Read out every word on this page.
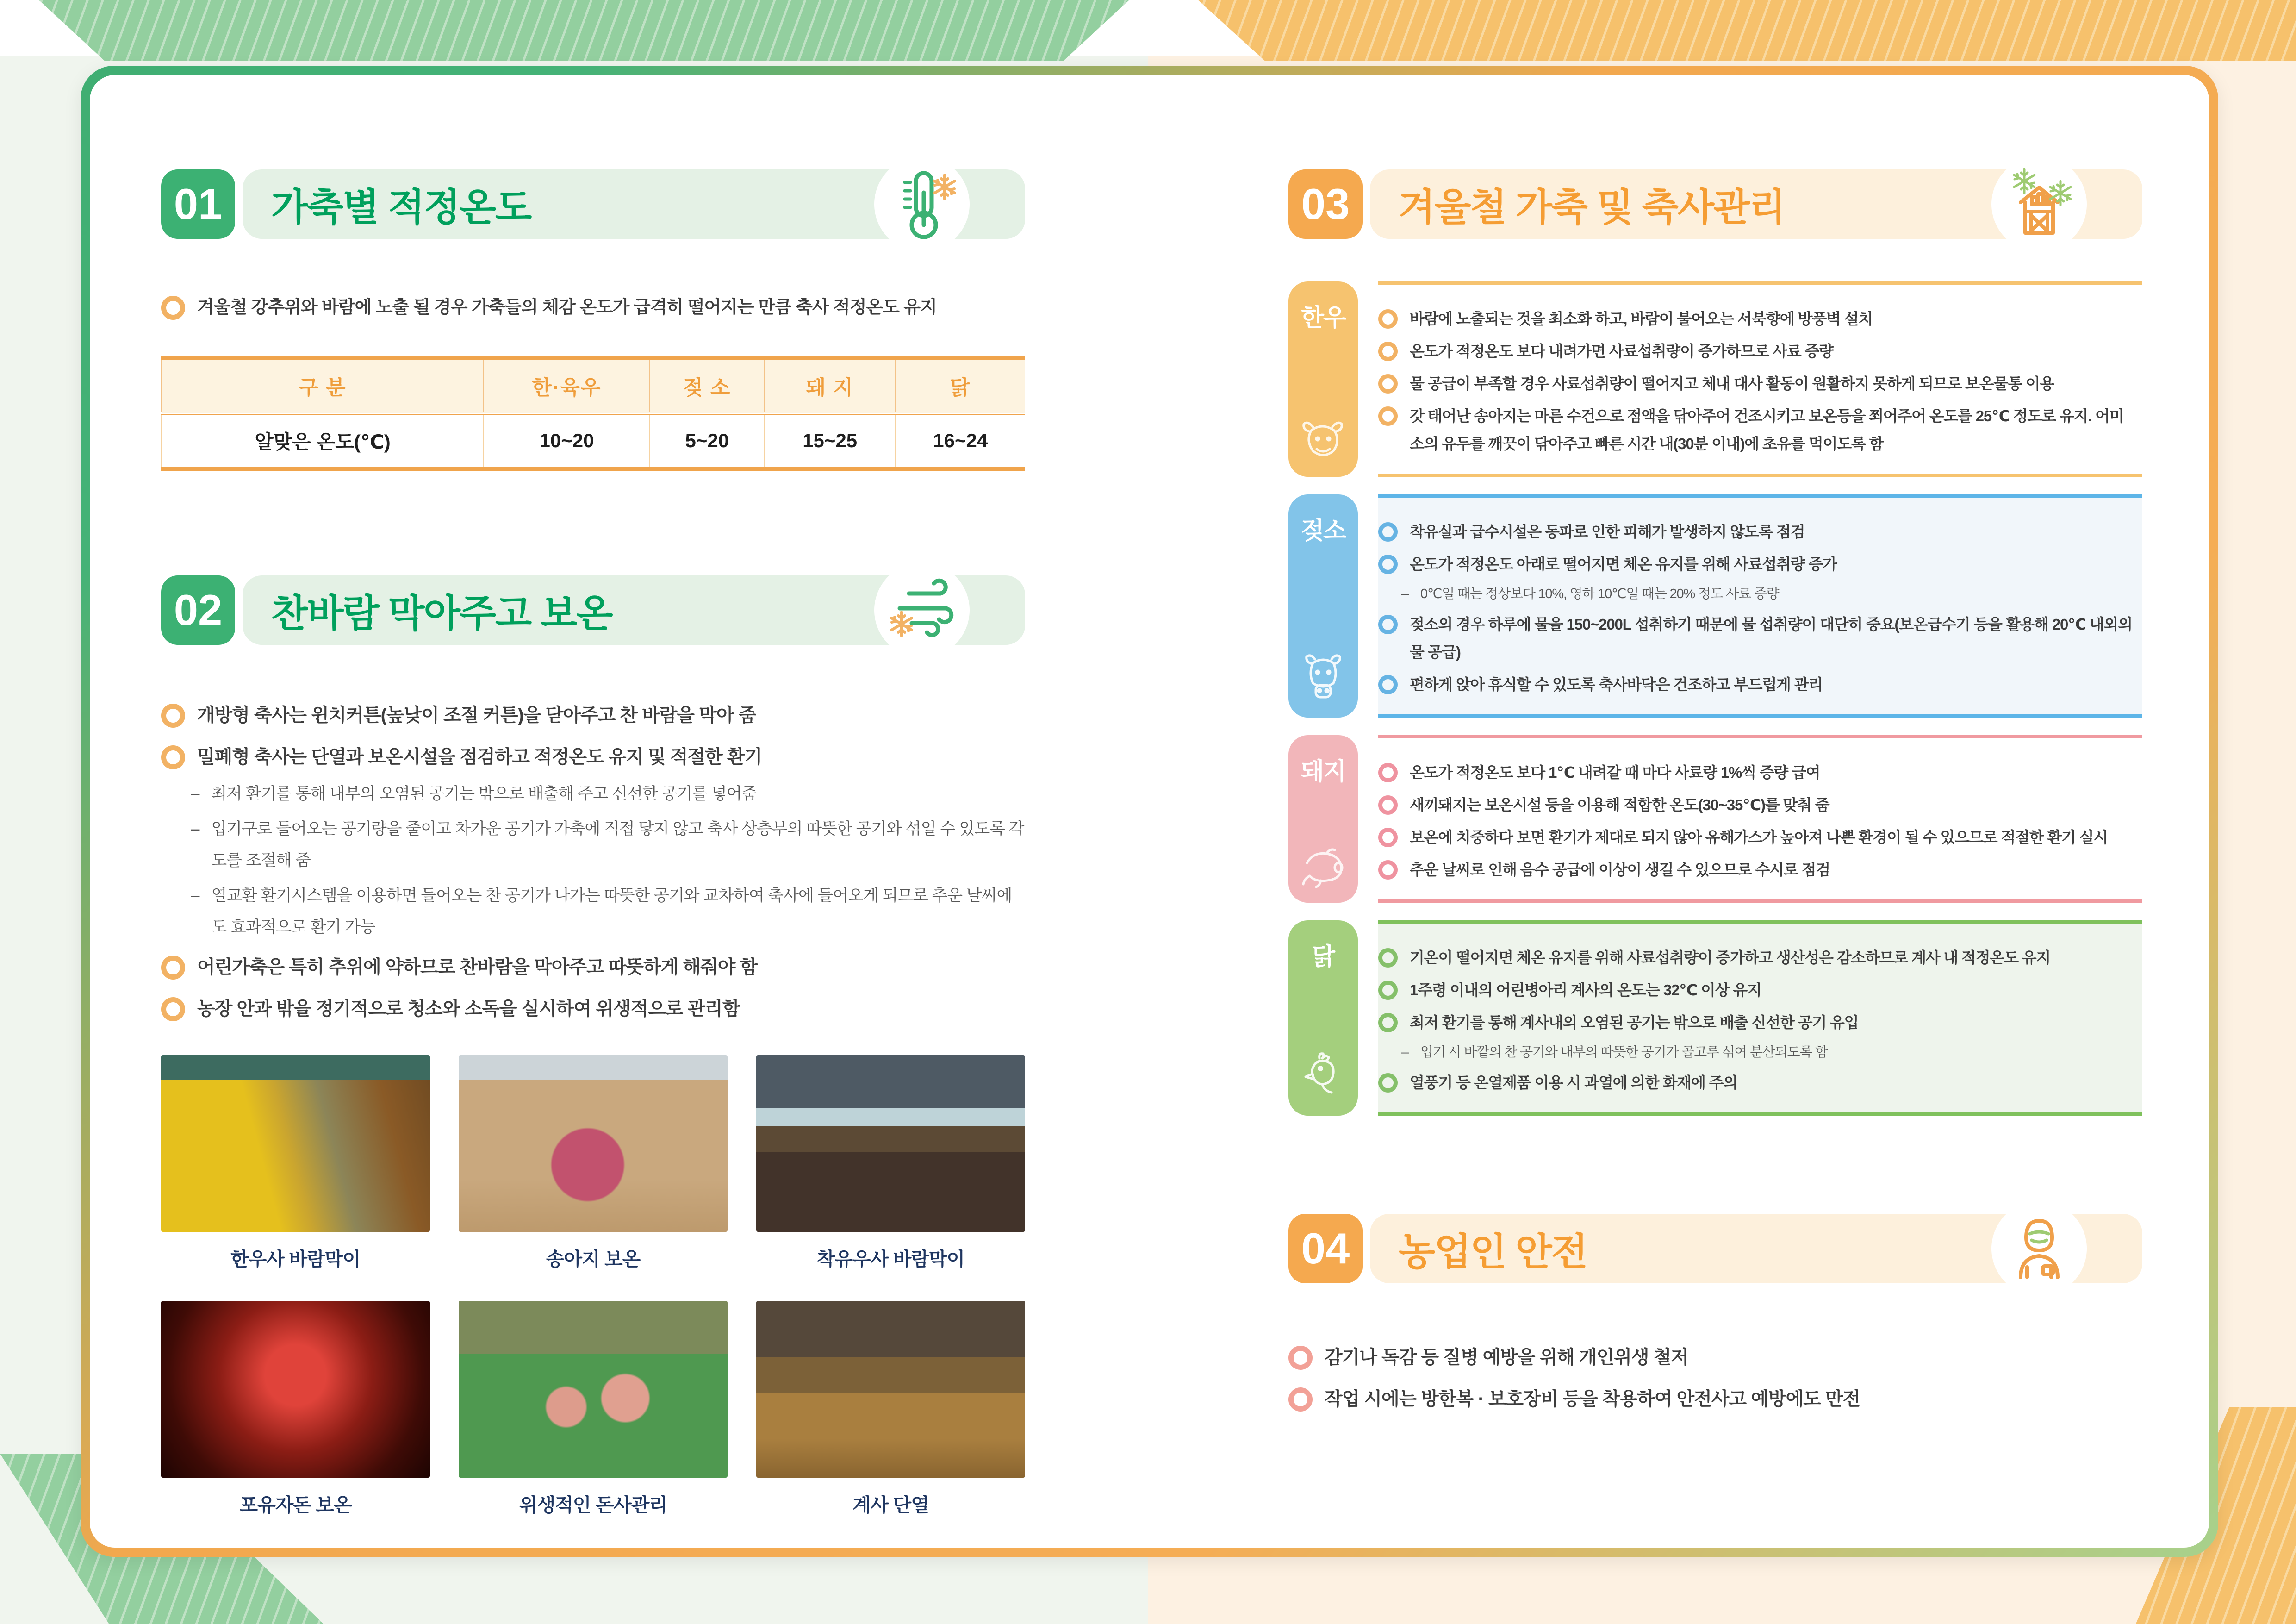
01	가축별 적정온도
겨울철 강추위와 바람에 노출 될 경우 가축들의 체감 온도가 급격히 떨어지는 만큼 축사 적정온도 유지
구 분	한·육우	젖 소	돼 지	닭
알맞은 온도(℃)	10~20	5~20	15~25	16~24
02	찬바람 막아주고 보온
개방형 축사는 윈치커튼(높낮이 조절 커튼)을 닫아주고 찬 바람을 막아 줌
밀폐형 축사는 단열과 보온시설을 점검하고 적정온도 유지 및 적절한 환기
– 최저 환기를 통해 내부의 오염된 공기는 밖으로 배출해 주고 신선한 공기를 넣어줌
– 입기구로 들어오는 공기량을 줄이고 차가운 공기가 가축에 직접 닿지 않고 축사 상층부의 따뜻한 공기와 섞일 수 있도록 각도를 조절해 줌
– 열교환 환기시스템을 이용하면 들어오는 찬 공기가 나가는 따뜻한 공기와 교차하여 축사에 들어오게 되므로 추운 날씨에도 효과적으로 환기 가능
어린가축은 특히 추위에 약하므로 찬바람을 막아주고 따뜻하게 해줘야 함
농장 안과 밖을 정기적으로 청소와 소독을 실시하여 위생적으로 관리함
한우사 바람막이	송아지 보온	착유우사 바람막이
포유자돈 보온	위생적인 돈사관리	계사 단열
03	겨울철 가축 및 축사관리
한우	바람에 노출되는 것을 최소화 하고, 바람이 불어오는 서북향에 방풍벽 설치
온도가 적정온도 보다 내려가면 사료섭취량이 증가하므로 사료 증량
물 공급이 부족할 경우 사료섭취량이 떨어지고 체내 대사 활동이 원활하지 못하게 되므로 보온물통 이용
갓 태어난 송아지는 마른 수건으로 점액을 닦아주어 건조시키고 보온등을 쬐어주어 온도를 25℃ 정도로 유지. 어미소의 유두를 깨끗이 닦아주고 빠른 시간 내(30분 이내)에 초유를 먹이도록 함
젖소	착유실과 급수시설은 동파로 인한 피해가 발생하지 않도록 점검
온도가 적정온도 아래로 떨어지면 체온 유지를 위해 사료섭취량 증가
– 0℃일 때는 정상보다 10%, 영하 10℃일 때는 20% 정도 사료 증량
젖소의 경우 하루에 물을 150~200L 섭취하기 때문에 물 섭취량이 대단히 중요(보온급수기 등을 활용해 20℃ 내외의 물 공급)
편하게 앉아 휴식할 수 있도록 축사바닥은 건조하고 부드럽게 관리
돼지	온도가 적정온도 보다 1℃ 내려갈 때 마다 사료량 1%씩 증량 급여
새끼돼지는 보온시설 등을 이용해 적합한 온도(30~35℃)를 맞춰 줌
보온에 치중하다 보면 환기가 제대로 되지 않아 유해가스가 높아져 나쁜 환경이 될 수 있으므로 적절한 환기 실시
추운 날씨로 인해 음수 공급에 이상이 생길 수 있으므로 수시로 점검
닭	기온이 떨어지면 체온 유지를 위해 사료섭취량이 증가하고 생산성은 감소하므로 계사 내 적정온도 유지
1주령 이내의 어린병아리 계사의 온도는 32℃ 이상 유지
최저 환기를 통해 계사내의 오염된 공기는 밖으로 배출 신선한 공기 유입
– 입기 시 바깥의 찬 공기와 내부의 따뜻한 공기가 골고루 섞여 분산되도록 함
열풍기 등 온열제품 이용 시 과열에 의한 화재에 주의
04	농업인 안전
감기나 독감 등 질병 예방을 위해 개인위생 철저
작업 시에는 방한복 · 보호장비 등을 착용하여 안전사고 예방에도 만전
